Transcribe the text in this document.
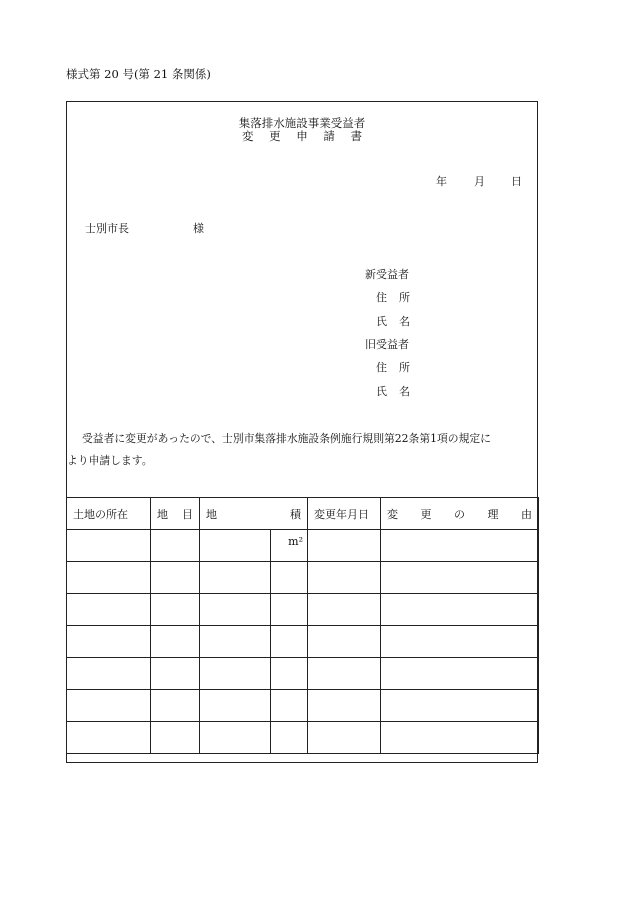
様式第 20 号(第 21 条関係)
集落排水施設事業受益者
変 更 申 請 書
年 月 日
士別市長	様
新受益者
住 所
氏 名
旧受益者
住 所
氏 名
受益者に変更があったので、士別市集落排水施設条例施行規則第22条第1項の規定に
より申請します。
土地の所在	地 目	地 積		変更年月日	変 更 の 理 由

			m²		
